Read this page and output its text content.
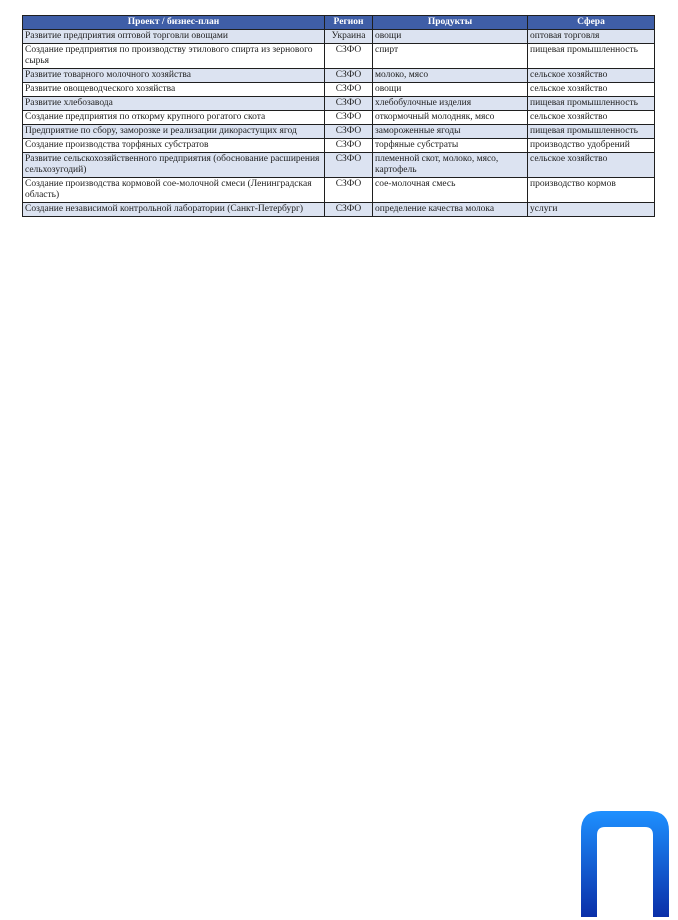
Проект / бизнес-план	Регион	Продукты	Сфера
Развитие предприятия оптовой торговли овощами	Украина	овощи	оптовая торговля
Создание предприятия по производству этилового спирта из зернового сырья	СЗФО	спирт	пищевая промышленность
Развитие товарного молочного хозяйства	СЗФО	молоко, мясо	сельское хозяйство
Развитие овощеводческого хозяйства	СЗФО	овощи	сельское хозяйство
Развитие хлебозавода	СЗФО	хлебобулочные изделия	пищевая промышленность
Создание предприятия по откорму крупного рогатого скота	СЗФО	откормочный молодняк, мясо	сельское хозяйство
Предприятие по сбору, заморозке и реализации дикорастущих ягод	СЗФО	замороженные ягоды	пищевая промышленность
Создание производства торфяных субстратов	СЗФО	торфяные субстраты	производство удобрений
Развитие сельскохозяйственного предприятия (обоснование расширения сельхозугодий)	СЗФО	племенной скот, молоко, мясо, картофель	сельское хозяйство
Создание производства кормовой сое-молочной смеси (Ленинградская область)	СЗФО	сое-молочная смесь	производство кормов
Создание независимой контрольной лаборатории (Санкт-Петербург)	СЗФО	определение качества молока	услуги
